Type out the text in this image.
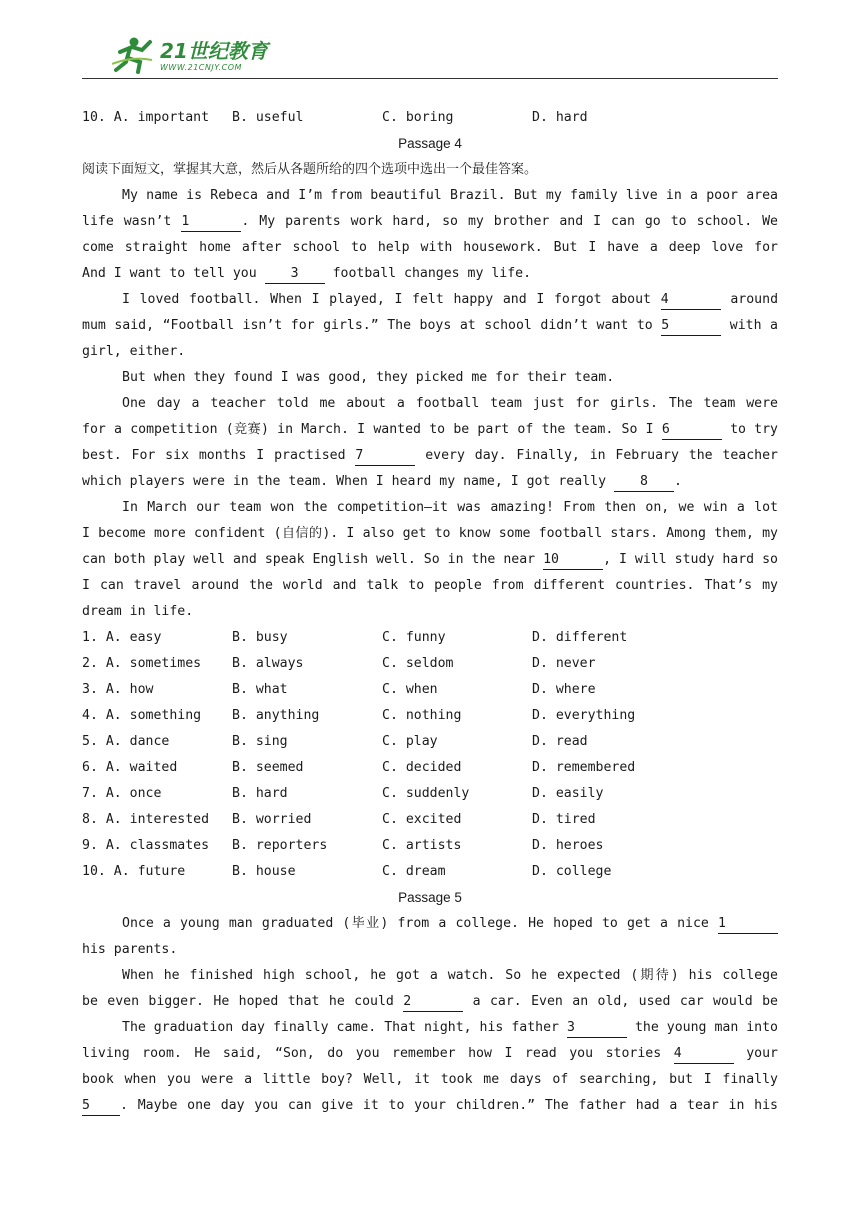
21世纪教育
WWW.21CNJY.COM
10. A. important B. useful	C. boring	D. hard
Passage 4
阅读下面短文，掌握其大意，然后从各题所给的四个选项中选出一个最佳答案。
My name is Rebeca and I’m from beautiful Brazil. But my family live in a poor area
life wasn’t 1	. My parents work hard, so my brother and I can go to school. We
come straight home after school to help with housework. But I have a deep love for
And I want to tell you 3 football changes my life.
I loved football. When I played, I felt happy and I forgot about 4	around
mum said, “Football isn’t for girls.” The boys at school didn’t want to 5	with a
girl, either.
But when they found I was good, they picked me for their team.
One day a teacher told me about a football team just for girls. The team were
for a competition (竞赛) in March. I wanted to be part of the team. So I 6	to try
best. For six months I practised 7	every day. Finally, in February the teacher
which players were in the team. When I heard my name, I got really 8 .
In March our team won the competition—it was amazing! From then on, we win a lot
I become more confident (自信的). I also get to know some football stars. Among them, my
can both play well and speak English well. So in the near 10	, I will study hard so
I can travel around the world and talk to people from different countries. That’s my
dream in life.
1. A. easy	B. busy	C. funny	D. different
2. A. sometimes B. always	C. seldom	D. never
3. A. how	B. what	C. when	D. where
4. A. something B. anything	C. nothing	D. everything
5. A. dance	B. sing	C. play	D. read
6. A. waited	B. seemed	C. decided	D. remembered
7. A. once	B. hard	C. suddenly	D. easily
8. A. interested B. worried	C. excited	D. tired
9. A. classmates B. reporters	C. artists	D. heroes
10. A. future	B. house	C. dream	D. college
Passage 5
Once a young man graduated (毕业) from a college. He hoped to get a nice 1
his parents.
When he finished high school, he got a watch. So he expected (期待) his college
be even bigger. He hoped that he could 2	a car. Even an old, used car would be
The graduation day finally came. That night, his father 3	the young man into
living room. He said, “Son, do you remember how I read you stories 4	your
book when you were a little boy? Well, it took me days of searching, but I finally
5 . Maybe one day you can give it to your children.” The father had a tear in his
